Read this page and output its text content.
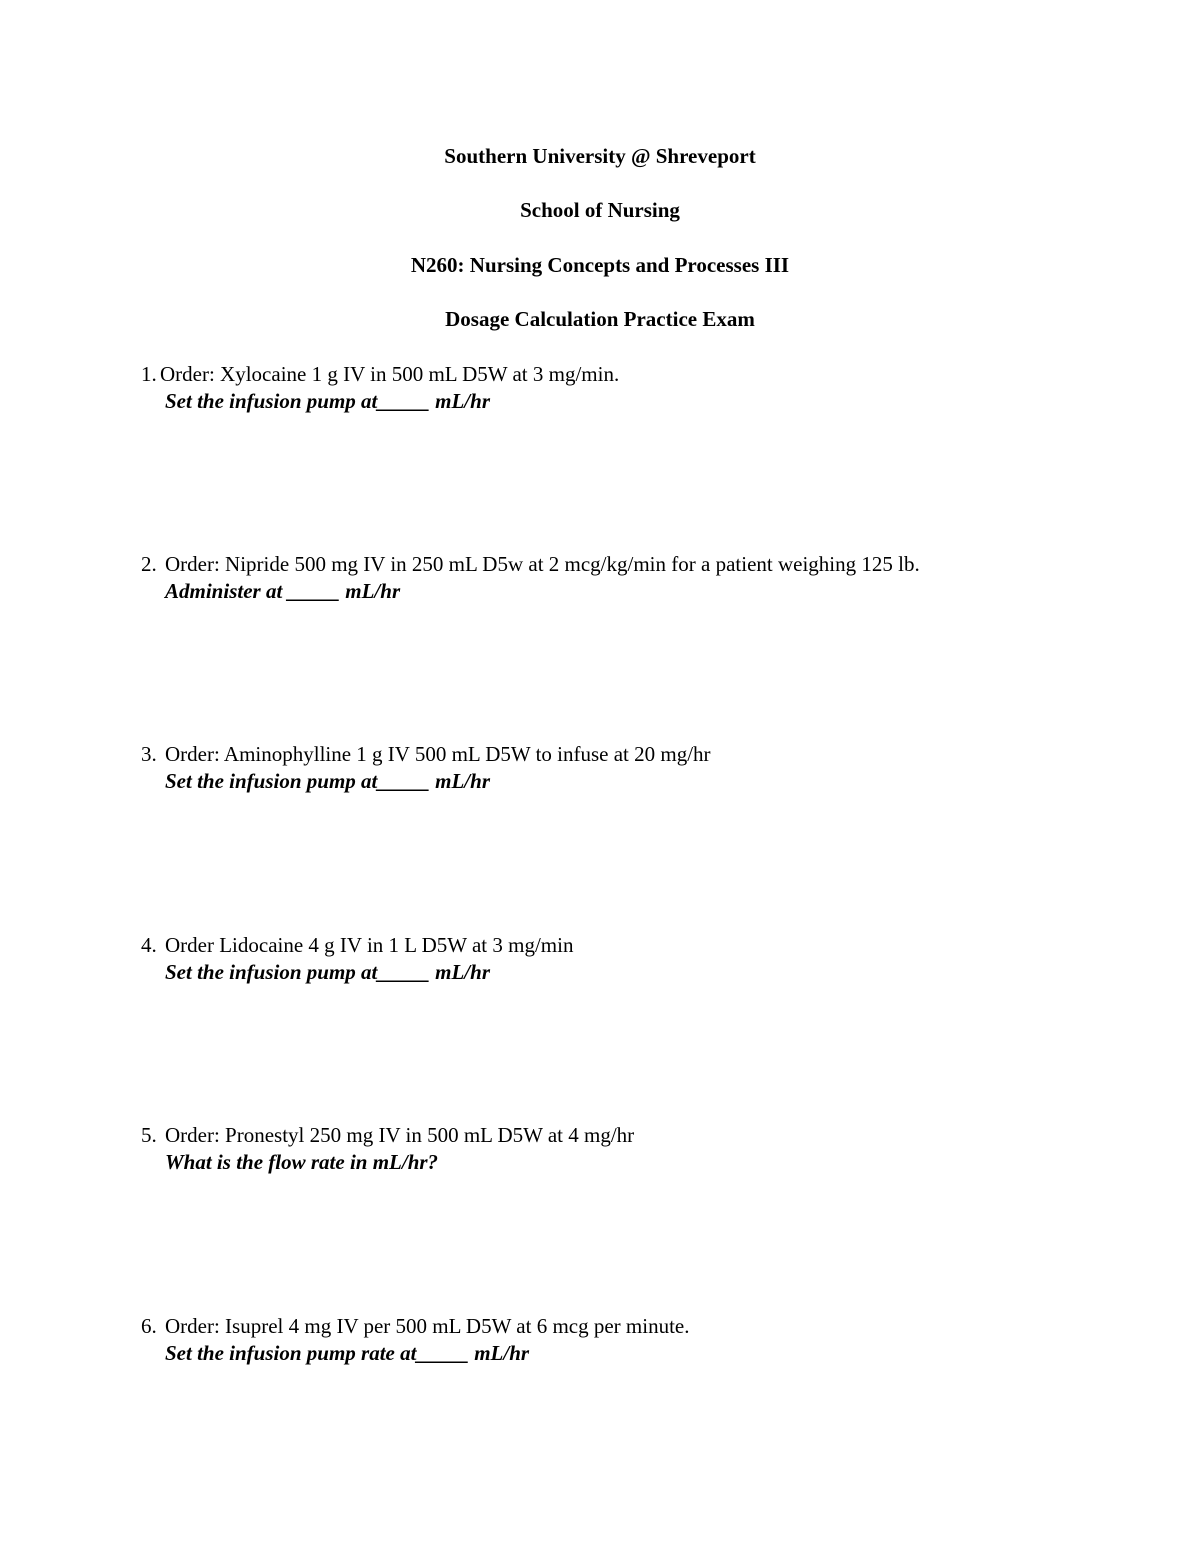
Southern University @ Shreveport
School of Nursing
N260: Nursing Concepts and Processes III
Dosage Calculation Practice Exam
1. Order: Xylocaine 1 g IV in 500 mL D5W at 3 mg/min.
Set the infusion pump at_____ mL/hr
2. Order: Nipride 500 mg IV in 250 mL D5w at 2 mcg/kg/min for a patient weighing 125 lb.
Administer at _____ mL/hr
3. Order: Aminophylline 1 g IV 500 mL D5W to infuse at 20 mg/hr
Set the infusion pump at_____ mL/hr
4. Order Lidocaine 4 g IV in 1 L D5W at 3 mg/min
Set the infusion pump at_____ mL/hr
5. Order: Pronestyl 250 mg IV in 500 mL D5W at 4 mg/hr
What is the flow rate in mL/hr?
6. Order: Isuprel 4 mg IV per 500 mL D5W at 6 mcg per minute.
Set the infusion pump rate at_____ mL/hr
